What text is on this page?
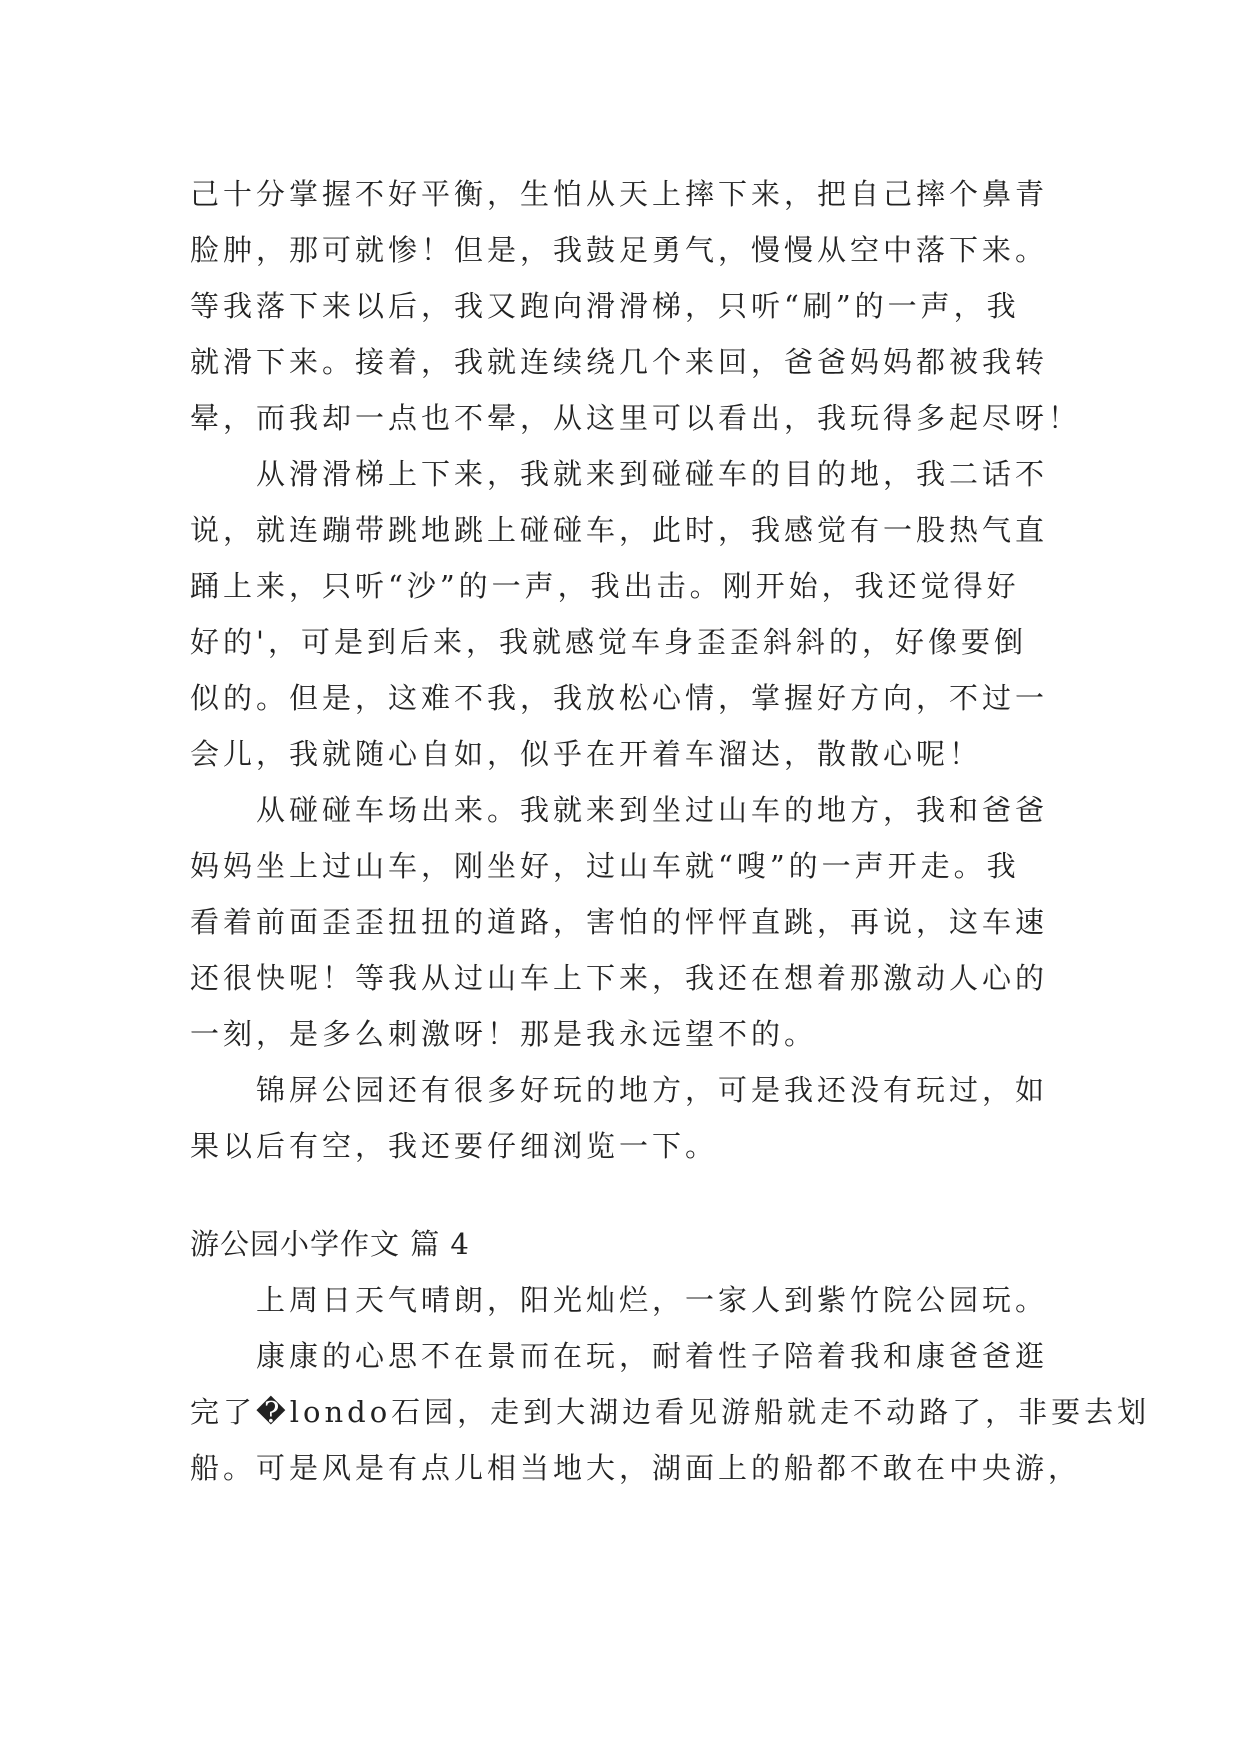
己十分掌握不好平衡，生怕从天上摔下来，把自己摔个鼻青
脸肿，那可就惨！但是，我鼓足勇气，慢慢从空中落下来。
等我落下来以后，我又跑向滑滑梯，只听“刷”的一声，我
就滑下来。接着，我就连续绕几个来回，爸爸妈妈都被我转
晕，而我却一点也不晕，从这里可以看出，我玩得多起尽呀！
从滑滑梯上下来，我就来到碰碰车的目的地，我二话不
说，就连蹦带跳地跳上碰碰车，此时，我感觉有一股热气直
踊上来，只听“沙”的一声，我出击。刚开始，我还觉得好
好的'，可是到后来，我就感觉车身歪歪斜斜的，好像要倒
似的。但是，这难不我，我放松心情，掌握好方向，不过一
会儿，我就随心自如，似乎在开着车溜达，散散心呢！
从碰碰车场出来。我就来到坐过山车的地方，我和爸爸
妈妈坐上过山车，刚坐好，过山车就“嗖”的一声开走。我
看着前面歪歪扭扭的道路，害怕的怦怦直跳，再说，这车速
还很快呢！等我从过山车上下来，我还在想着那激动人心的
一刻，是多么刺激呀！那是我永远望不的。
锦屏公园还有很多好玩的地方，可是我还没有玩过，如
果以后有空，我还要仔细浏览一下。
游公园小学作文 篇 4
上周日天气晴朗，阳光灿烂，一家人到紫竹院公园玩。
康康的心思不在景而在玩，耐着性子陪着我和康爸爸逛
完了�londo石园，走到大湖边看见游船就走不动路了，非要去划
船。可是风是有点儿相当地大，湖面上的船都不敢在中央游，
